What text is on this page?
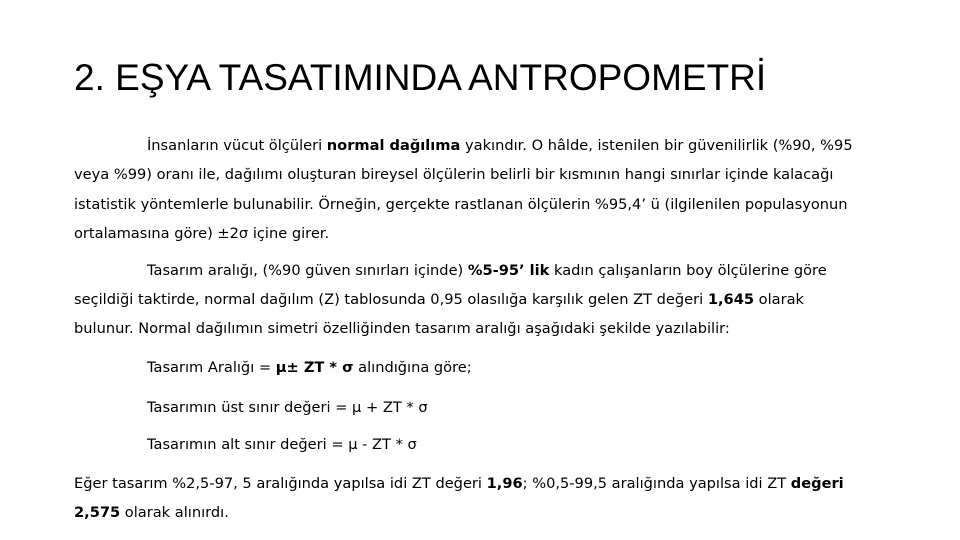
2. EŞYA TASATIMINDA ANTROPOMETRİ
İnsanların vücut ölçüleri normal dağılıma yakındır. O hâlde, istenilen bir güvenilirlik (%90, %95
veya %99) oranı ile, dağılımı oluşturan bireysel ölçülerin belirli bir kısmının hangi sınırlar içinde kalacağı
istatistik yöntemlerle bulunabilir. Örneğin, gerçekte rastlanan ölçülerin %95,4’ ü (ilgilenilen populasyonun
ortalamasına göre) ±2σ içine girer.
Tasarım aralığı, (%90 güven sınırları içinde) %5-95’ lik kadın çalışanların boy ölçülerine göre
seçildiği taktirde, normal dağılım (Z) tablosunda 0,95 olasılığa karşılık gelen ZT değeri 1,645 olarak
bulunur. Normal dağılımın simetri özelliğinden tasarım aralığı aşağıdaki şekilde yazılabilir:
Tasarım Aralığı = µ± ZT * σ alındığına göre;
Tasarımın üst sınır değeri = µ + ZT * σ
Tasarımın alt sınır değeri = µ - ZT * σ
Eğer tasarım %2,5-97, 5 aralığında yapılsa idi ZT değeri 1,96; %0,5-99,5 aralığında yapılsa idi ZT değeri
2,575 olarak alınırdı.
